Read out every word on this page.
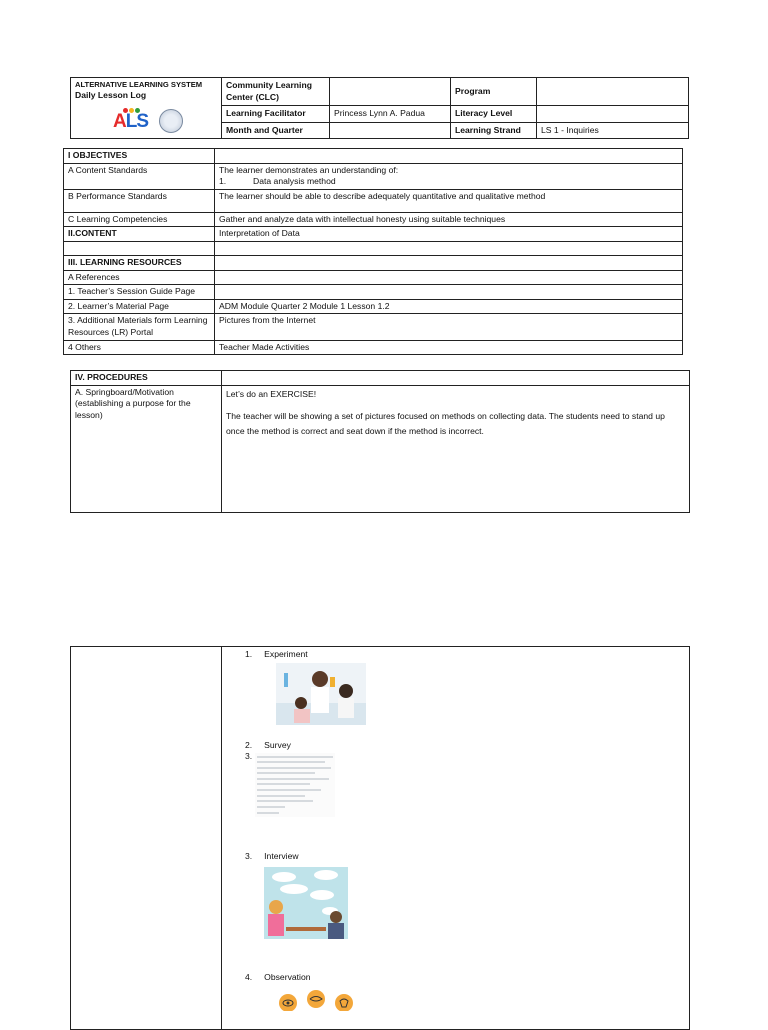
ALTERNATIVE LEARNING SYSTEM
Daily Lesson Log
ALS	Community Learning Center (CLC)		Program	
	Learning Facilitator	Princess Lynn A. Padua	Literacy Level	
	Month and Quarter		Learning Strand	LS 1 - Inquiries
I OBJECTIVES	
A Content Standards	The learner demonstrates an understanding of:
1. Data analysis method

B Performance Standards	The learner should be able to describe adequately quantitative and qualitative method
C Learning Competencies	Gather and analyze data with intellectual honesty using suitable techniques
II.CONTENT	Interpretation of Data

III. LEARNING RESOURCES	
A References	
1. Teacher’s Session Guide Page	
2. Learner’s Material Page	ADM Module Quarter 2 Module 1 Lesson 1.2
3. Additional Materials form Learning Resources (LR) Portal	Pictures from the Internet
4 Others	Teacher Made Activities
IV. PROCEDURES	
A. Springboard/Motivation (establishing a purpose for the lesson)	Let’s do an EXERCISE!
The teacher will be showing a set of pictures focused on methods on collecting data. The students need to stand up once the method is correct and seat down if the method is incorrect.

1. Experiment
2. Survey
3.
3. Interview
4. Observation
